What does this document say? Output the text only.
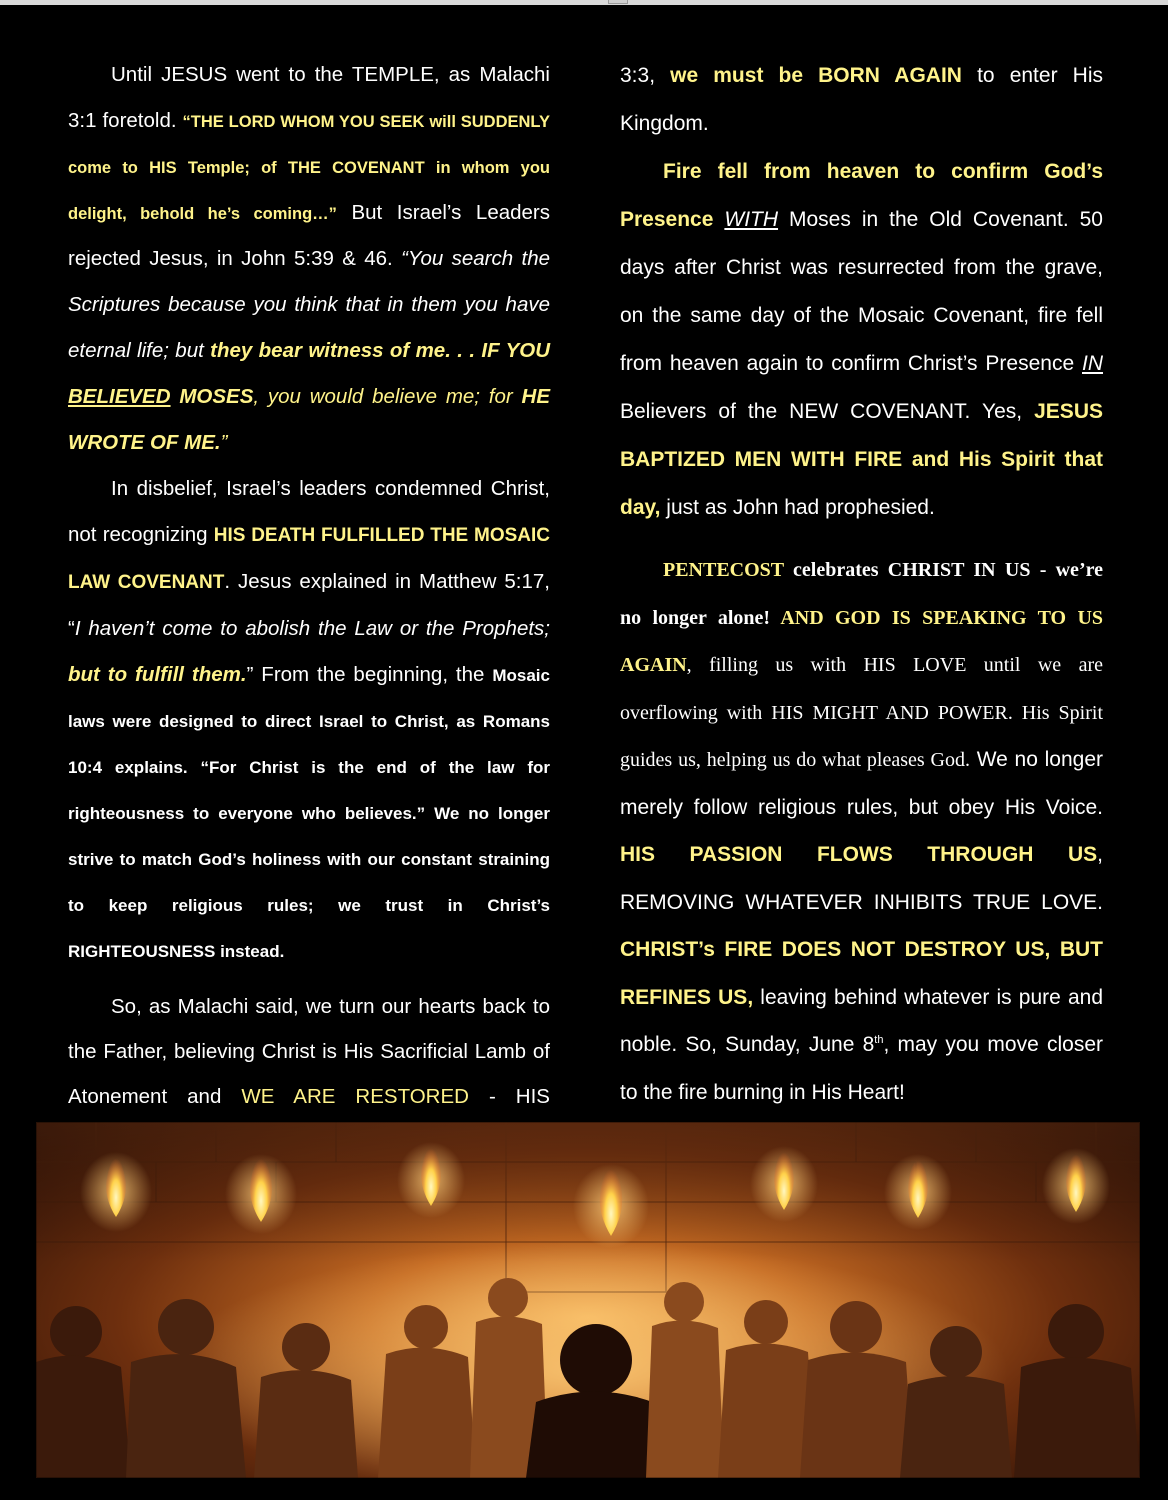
Until JESUS went to the TEMPLE, as Malachi 3:1 foretold. “THE LORD WHOM YOU SEEK will SUDDENLY come to HIS Temple; of THE COVENANT in whom you delight, behold he’s coming…” But Israel’s Leaders rejected Jesus, in John 5:39 & 46. “You search the Scriptures because you think that in them you have eternal life; but they bear witness of me. . . IF YOU BELIEVED MOSES, you would believe me; for HE WROTE OF ME.”

In disbelief, Israel’s leaders condemned Christ, not recognizing HIS DEATH FULFILLED THE MOSAIC LAW COVENANT. Jesus explained in Matthew 5:17, “I haven’t come to abolish the Law or the Prophets; but to fulfill them.” From the beginning, the Mosaic laws were designed to direct Israel to Christ, as Romans 10:4 explains. “For Christ is the end of the law for righteousness to everyone who believes.” We no longer strive to match God’s holiness with our constant straining to keep religious rules; we trust in Christ’s RIGHTEOUSNESS instead.

So, as Malachi said, we turn our hearts back to the Father, believing Christ is His Sacrificial Lamb of Atonement and WE ARE RESTORED - HIS

3:3, we must be BORN AGAIN to enter His Kingdom.

Fire fell from heaven to confirm God’s Presence WITH Moses in the Old Covenant. 50 days after Christ was resurrected from the grave, on the same day of the Mosaic Covenant, fire fell from heaven again to confirm Christ’s Presence IN Believers of the NEW COVENANT. Yes, JESUS BAPTIZED MEN WITH FIRE and His Spirit that day, just as John had prophesied.

PENTECOST celebrates CHRIST IN US - we’re no longer alone! AND GOD IS SPEAKING TO US AGAIN, filling us with HIS LOVE until we are overflowing with HIS MIGHT AND POWER. His Spirit guides us, helping us do what pleases God. We no longer merely follow religious rules, but obey His Voice. HIS PASSION FLOWS THROUGH US, REMOVING WHATEVER INHIBITS TRUE LOVE. CHRIST’s FIRE DOES NOT DESTROY US, BUT REFINES US, leaving behind whatever is pure and noble. So, Sunday, June 8th, may you move closer to the fire burning in His Heart!
